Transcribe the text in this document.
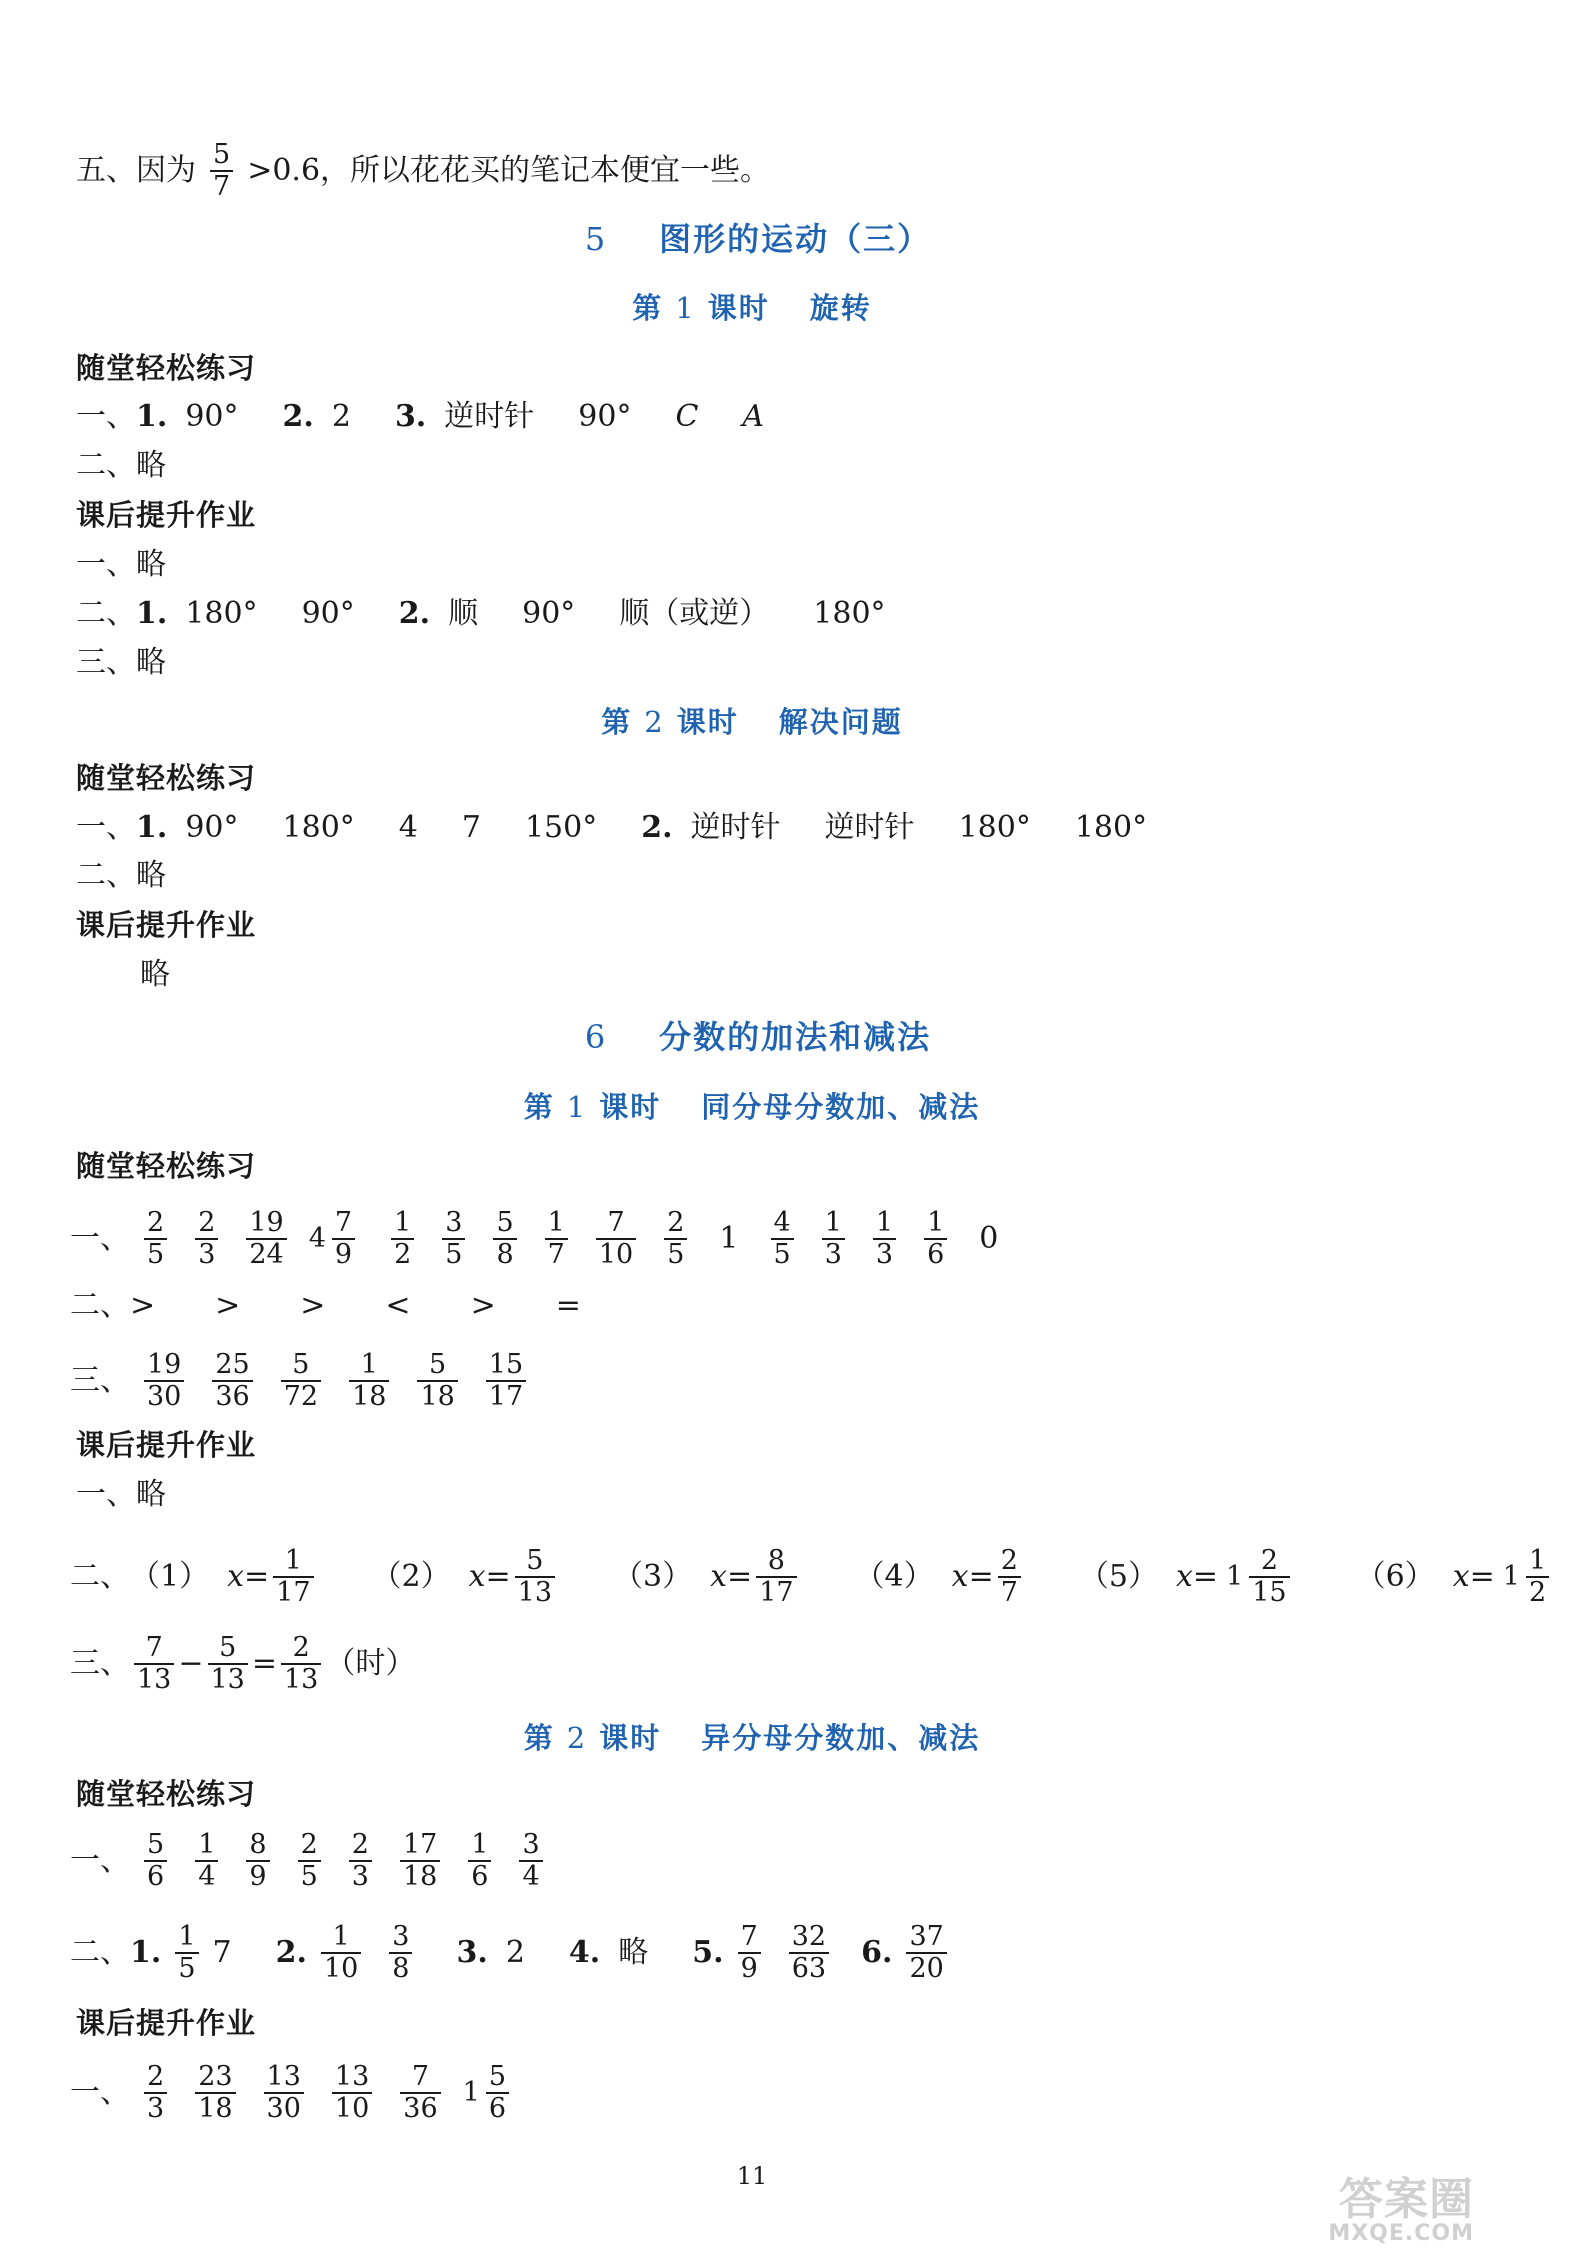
五、因为 $\frac{5}{7} >0.6$，所以花花买的笔记本便宜一些。
5 图形的运动（三）
第 1 课时 旋转
随堂轻松练习
一、 1. 90° 2. 2 3. 逆时针 90° C A
二、略
课后提升作业
一、略
二、 1. 180° 90° 2. 顺 90° 顺（或逆） 180°
三、略
第 2 课时 解决问题
随堂轻松练习
一、 1. 90° 180° 4 7 150° 2. 逆时针 逆时针 180° 180°
二、略
课后提升作业
略
6 分数的加法和减法
第 1 课时 同分母分数加、减法
随堂轻松练习
一、 $\frac{2}{5} \frac{2}{3} \frac{19}{24} 4 \frac{7}{9} \frac{1}{2} \frac{3}{5} \frac{5}{8} \frac{1}{7} \frac{7}{10} \frac{2}{5} 1 \frac{4}{5} \frac{1}{3} \frac{1}{3} \frac{1}{6} 0$
二、 > > > < > =
三、 $\frac{19}{30} \frac{25}{36} \frac{5}{72} \frac{1}{18} \frac{5}{18} \frac{15}{17}$
课后提升作业
一、略
二、 （1） $x = \frac{1}{17} (2) x = \frac{5}{13} (3) x = \frac{8}{17} (4) x = \frac{2}{7} (5) x = 1 \frac{2}{15} (6) x = 1 \frac{1}{2}$
三、 $\frac{7}{13} - \frac{5}{13} = \frac{2}{13}$ （时）
第 2 课时 异分母分数加、减法
随堂轻松练习
一、 $\frac{5}{6} \frac{1}{4} \frac{8}{9} \frac{2}{5} \frac{2}{3} \frac{17}{18} \frac{1}{6} \frac{3}{4}$
二、 1. $\frac{1}{5} 7$ 2. $\frac{1}{10} \frac{3}{8} 3$. 2 4. 略 5. $\frac{7}{9} \frac{32}{63} 6$. $\frac{37}{20}$
课后提升作业
一、 $\frac{2}{3} \frac{23}{18} \frac{13}{30} \frac{13}{10} \frac{7}{36} 1 \frac{5}{6}$
11	答案圈
MXQE.COM
